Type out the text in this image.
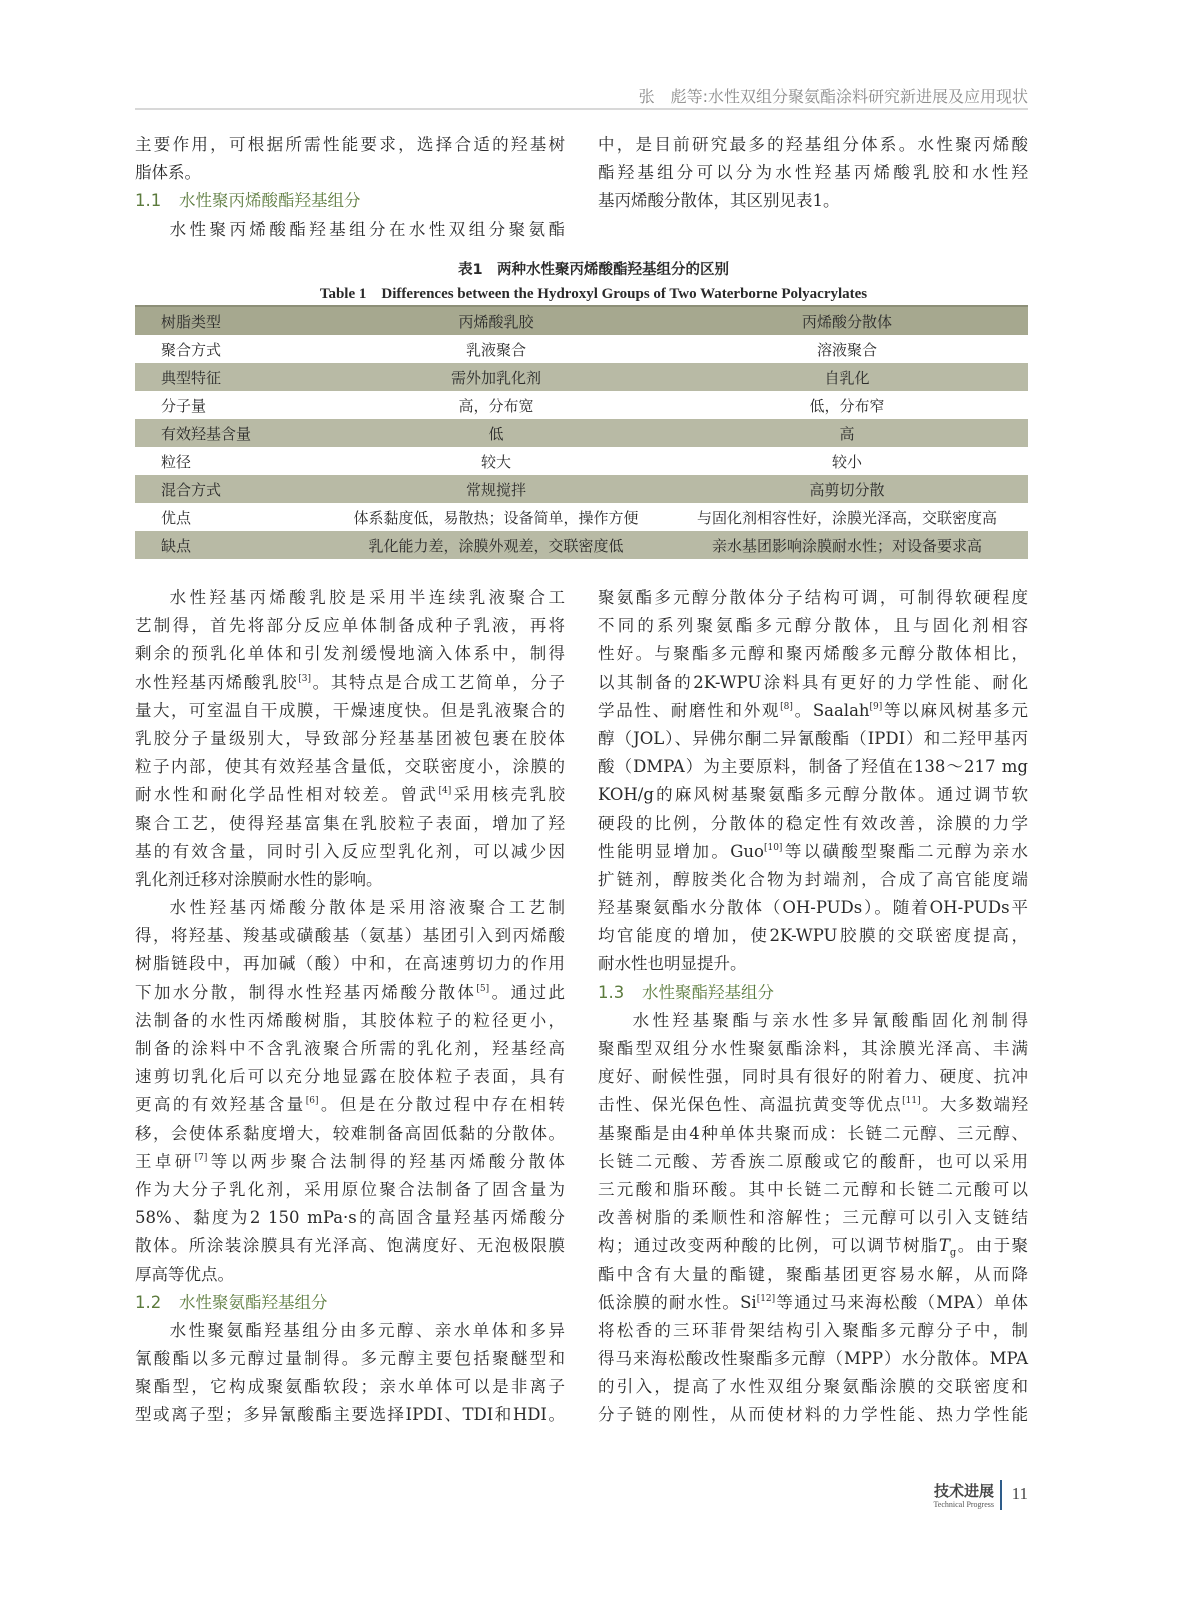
张　彪等:水性双组分聚氨酯涂料研究新进展及应用现状
主要作用，可根据所需性能要求，选择合适的羟基树
脂体系。
1.1 水性聚丙烯酸酯羟基组分
水性聚丙烯酸酯羟基组分在水性双组分聚氨酯
中，是目前研究最多的羟基组分体系。水性聚丙烯酸
酯羟基组分可以分为水性羟基丙烯酸乳胶和水性羟
基丙烯酸分散体，其区别见表1。
表1　两种水性聚丙烯酸酯羟基组分的区别
Table 1　Differences between the Hydroxyl Groups of Two Waterborne Polyacrylates
树脂类型	丙烯酸乳胶	丙烯酸分散体
聚合方式	乳液聚合	溶液聚合
典型特征	需外加乳化剂	自乳化
分子量	高，分布宽	低，分布窄
有效羟基含量	低	高
粒径	较大	较小
混合方式	常规搅拌	高剪切分散
优点	体系黏度低，易散热；设备简单，操作方便	与固化剂相容性好，涂膜光泽高，交联密度高
缺点	乳化能力差，涂膜外观差，交联密度低	亲水基团影响涂膜耐水性；对设备要求高
水性羟基丙烯酸乳胶是采用半连续乳液聚合工
艺制得，首先将部分反应单体制备成种子乳液，再将
剩余的预乳化单体和引发剂缓慢地滴入体系中，制得
水性羟基丙烯酸乳胶[3]。其特点是合成工艺简单，分子
量大，可室温自干成膜，干燥速度快。但是乳液聚合的
乳胶分子量级别大，导致部分羟基基团被包裹在胶体
粒子内部，使其有效羟基含量低，交联密度小，涂膜的
耐水性和耐化学品性相对较差。曾武[4]采用核壳乳胶
聚合工艺，使得羟基富集在乳胶粒子表面，增加了羟
基的有效含量，同时引入反应型乳化剂，可以减少因
乳化剂迁移对涂膜耐水性的影响。
水性羟基丙烯酸分散体是采用溶液聚合工艺制
得，将羟基、羧基或磺酸基（氨基）基团引入到丙烯酸
树脂链段中，再加碱（酸）中和，在高速剪切力的作用
下加水分散，制得水性羟基丙烯酸分散体[5]。通过此
法制备的水性丙烯酸树脂，其胶体粒子的粒径更小，
制备的涂料中不含乳液聚合所需的乳化剂，羟基经高
速剪切乳化后可以充分地显露在胶体粒子表面，具有
更高的有效羟基含量[6]。但是在分散过程中存在相转
移，会使体系黏度增大，较难制备高固低黏的分散体。
王卓研[7]等以两步聚合法制得的羟基丙烯酸分散体
作为大分子乳化剂，采用原位聚合法制备了固含量为
58%、黏度为2 150 mPa·s的高固含量羟基丙烯酸分
散体。所涂装涂膜具有光泽高、饱满度好、无泡极限膜
厚高等优点。
1.2 水性聚氨酯羟基组分
水性聚氨酯羟基组分由多元醇、亲水单体和多异
氰酸酯以多元醇过量制得。多元醇主要包括聚醚型和
聚酯型，它构成聚氨酯软段；亲水单体可以是非离子
型或离子型；多异氰酸酯主要选择IPDI、TDI和HDI。
聚氨酯多元醇分散体分子结构可调，可制得软硬程度
不同的系列聚氨酯多元醇分散体，且与固化剂相容
性好。与聚酯多元醇和聚丙烯酸多元醇分散体相比，
以其制备的2K-WPU涂料具有更好的力学性能、耐化
学品性、耐磨性和外观[8]。Saalah[9]等以麻风树基多元
醇（JOL）、异佛尔酮二异氰酸酯（IPDI）和二羟甲基丙
酸（DMPA）为主要原料，制备了羟值在138～217 mg
KOH/g的麻风树基聚氨酯多元醇分散体。通过调节软
硬段的比例，分散体的稳定性有效改善，涂膜的力学
性能明显增加。Guo[10]等以磺酸型聚酯二元醇为亲水
扩链剂，醇胺类化合物为封端剂，合成了高官能度端
羟基聚氨酯水分散体（OH-PUDs）。随着OH-PUDs平
均官能度的增加，使2K-WPU胶膜的交联密度提高，
耐水性也明显提升。
1.3 水性聚酯羟基组分
水性羟基聚酯与亲水性多异氰酸酯固化剂制得
聚酯型双组分水性聚氨酯涂料，其涂膜光泽高、丰满
度好、耐候性强，同时具有很好的附着力、硬度、抗冲
击性、保光保色性、高温抗黄变等优点[11]。大多数端羟
基聚酯是由4种单体共聚而成：长链二元醇、三元醇、
长链二元酸、芳香族二原酸或它的酸酐，也可以采用
三元酸和脂环酸。其中长链二元醇和长链二元酸可以
改善树脂的柔顺性和溶解性；三元醇可以引入支链结
构；通过改变两种酸的比例，可以调节树脂$T_g$。由于聚
酯中含有大量的酯键，聚酯基团更容易水解，从而降
低涂膜的耐水性。Si[12]等通过马来海松酸（MPA）单体
将松香的三环菲骨架结构引入聚酯多元醇分子中，制
得马来海松酸改性聚酯多元醇（MPP）水分散体。MPA
的引入，提高了水性双组分聚氨酯涂膜的交联密度和
分子链的刚性，从而使材料的力学性能、热力学性能
技术进展
Technical Progress
11
